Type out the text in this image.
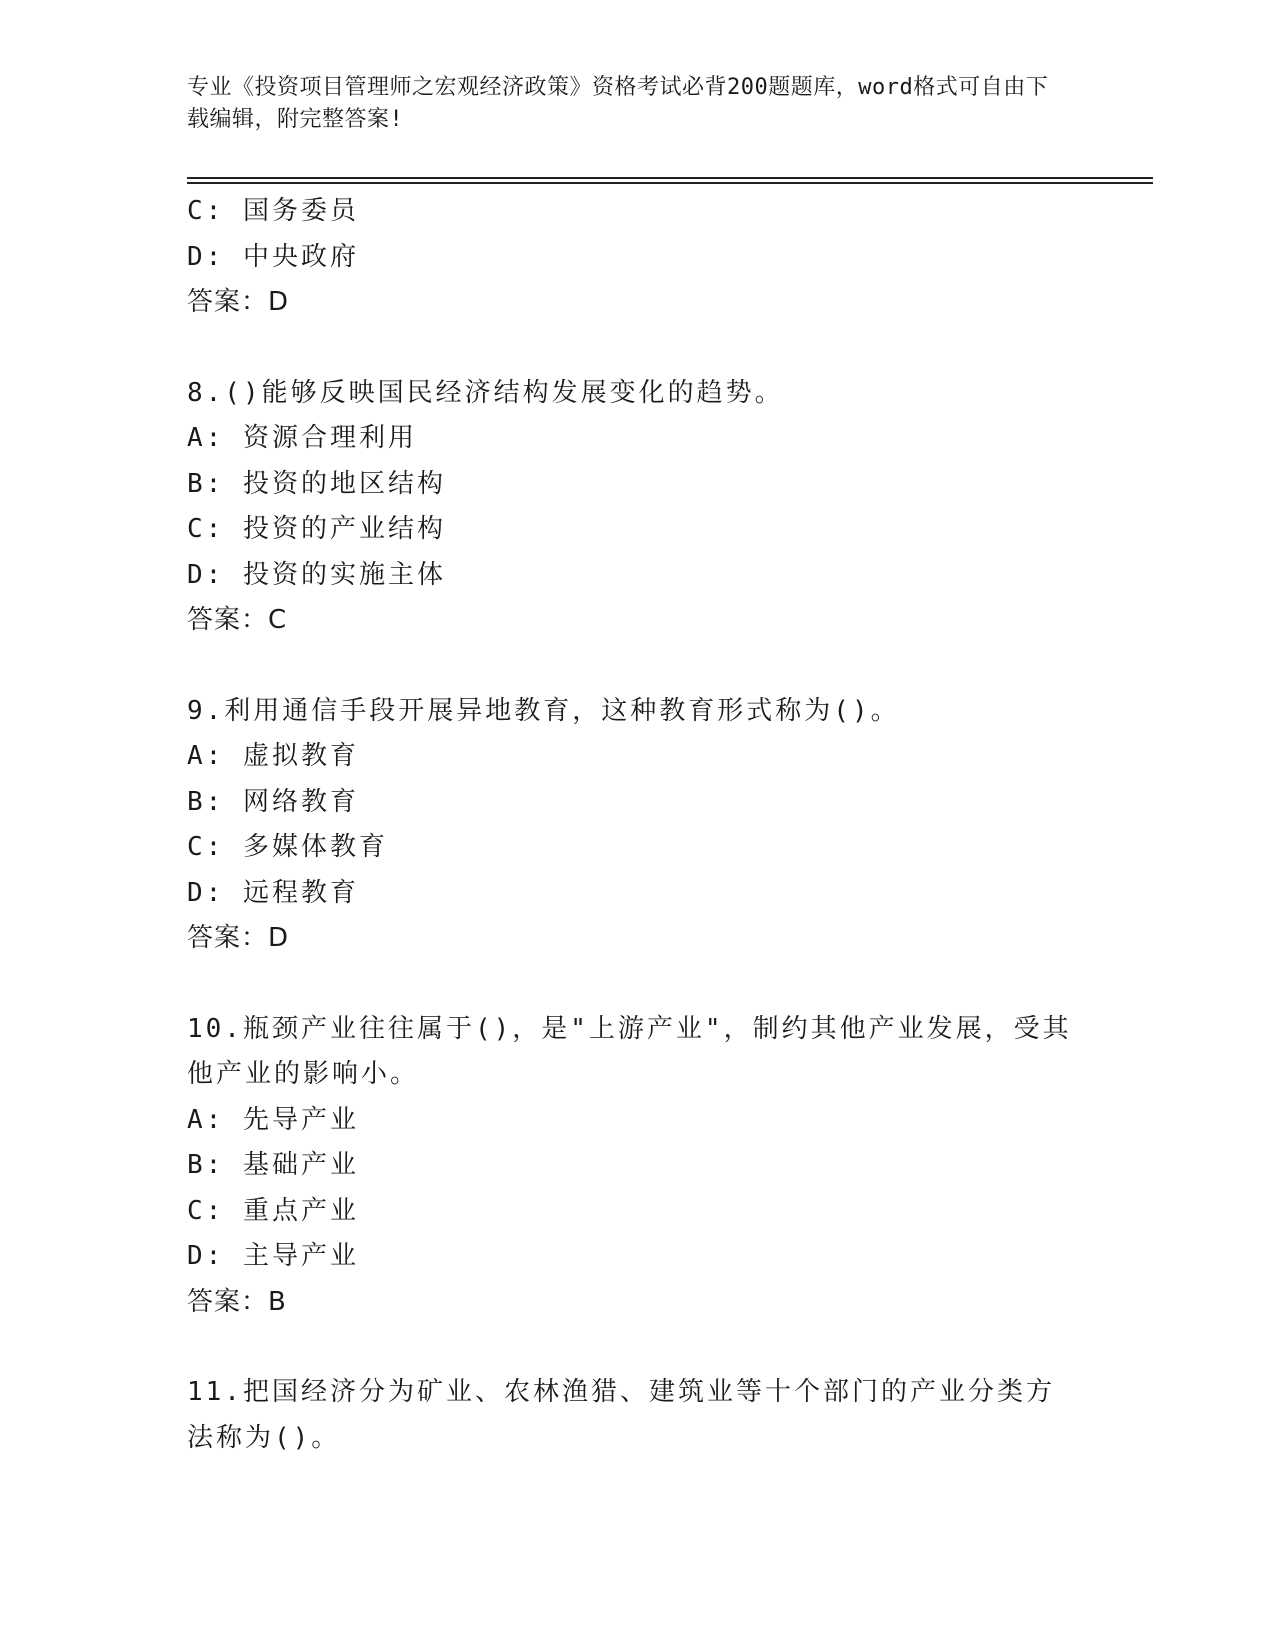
专业《投资项目管理师之宏观经济政策》资格考试必背200题题库，word格式可自由下载编辑，附完整答案!
C: 国务委员
D: 中央政府
答案：D
8.()能够反映国民经济结构发展变化的趋势。
A: 资源合理利用
B: 投资的地区结构
C: 投资的产业结构
D: 投资的实施主体
答案：C
9.利用通信手段开展异地教育，这种教育形式称为()。
A: 虚拟教育
B: 网络教育
C: 多媒体教育
D: 远程教育
答案：D
10.瓶颈产业往往属于()，是"上游产业"，制约其他产业发展，受其他产业的影响小。
A: 先导产业
B: 基础产业
C: 重点产业
D: 主导产业
答案：B
11.把国经济分为矿业、农林渔猎、建筑业等十个部门的产业分类方法称为()。
